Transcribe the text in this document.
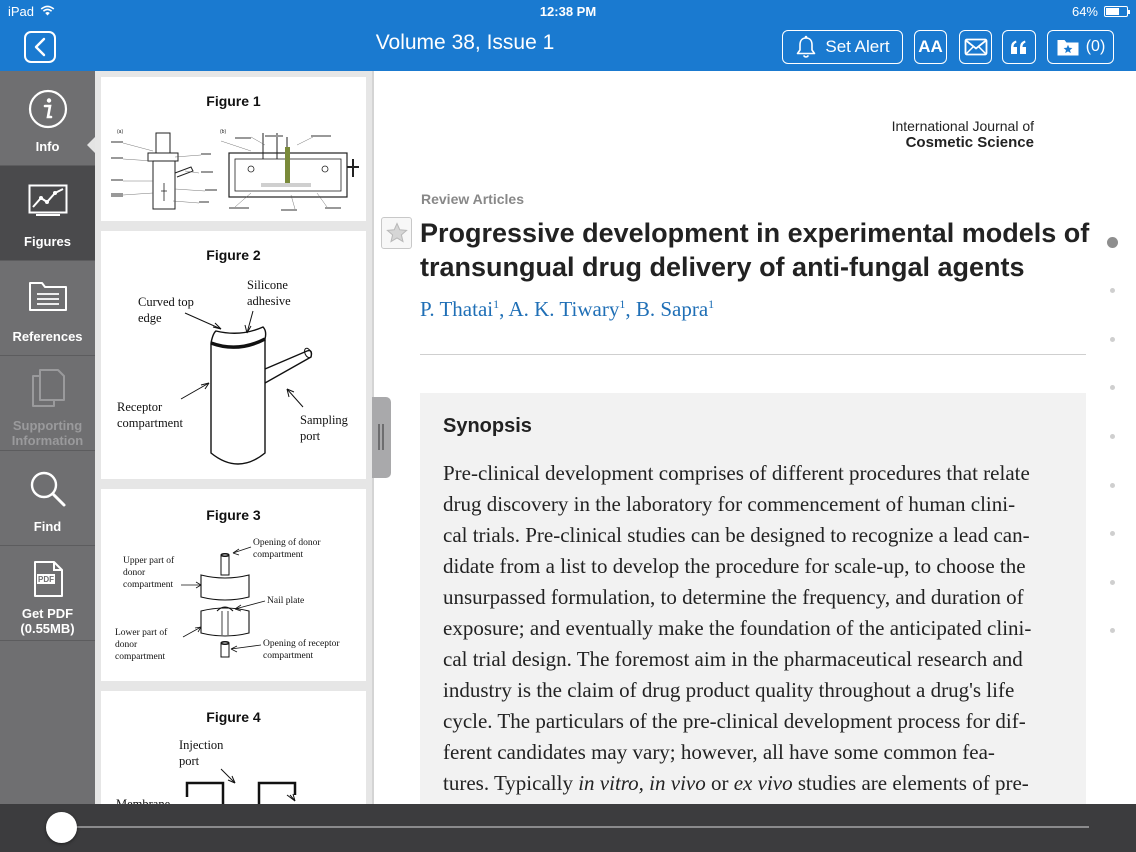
iPad	12:38 PM	64%
Volume 38, Issue 1	Set Alert AA	(0)
Info
Figures
References
Supporting
Information
Find
PDF
Get PDF
(0.55MB)
Figure 1
(a)	(b)
Figure 2
Curved top
edge
Silicone
adhesive
Receptor
compartment	Sampling
port
Figure 3
Opening of donor
compartment
Upper part of
donor
compartment
Nail plate
Lower part of
donor
compartment
Opening of receptor
compartment
Figure 4
Injection
port
International Journal of
Cosmetic Science
Review Articles
Progressive development in experimental models of
transungual drug delivery of anti-fungal agents
P. Thatai$^1$, A. K. Tiwary$^1$, B. Sapra$^1$
Synopsis
Pre-clinical development comprises of different procedures that relate
drug discovery in the laboratory for commencement of human clini-
cal trials. Pre-clinical studies can be designed to recognize a lead can-
didate from a list to develop the procedure for scale-up, to choose the
unsurpassed formulation, to determine the frequency, and duration of
exposure; and eventually make the foundation of the anticipated clini-
cal trial design. The foremost aim in the pharmaceutical research and
industry is the claim of drug product quality throughout a drug's life
cycle. The particulars of the pre-clinical development process for dif-
ferent candidates may vary; however, all have some common fea-
tures. Typically in vitro, in vivo or ex vivo studies are elements of pre-
